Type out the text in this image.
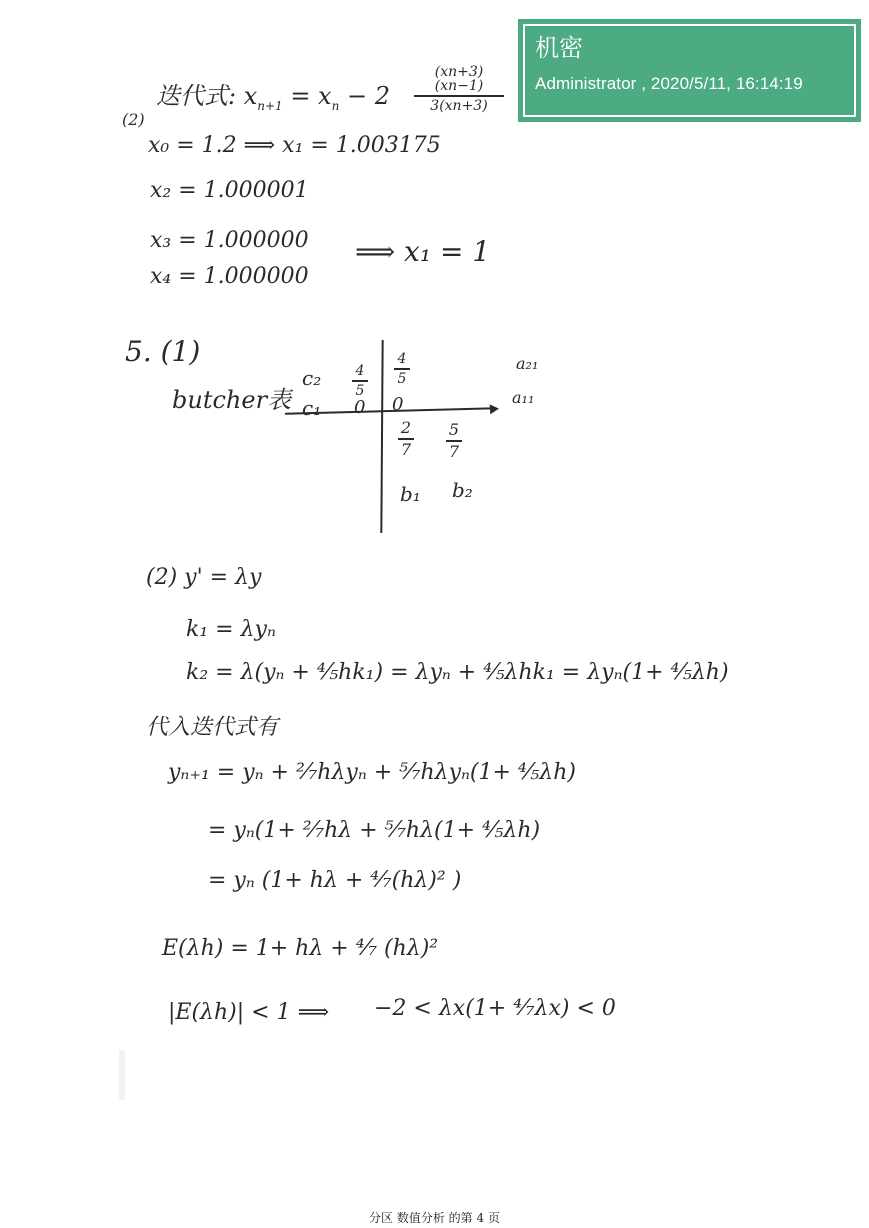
迭代式: $x_{n+1} = x_n - 2$
(xn+3)(xn−1)
3(xn+3)
(2)
x₀ = 1.2 ⟹ x₁ = 1.003175
x₂ = 1.000001
x₃ = 1.000000
x₄ = 1.000000
⟹ x₁ = 1
5. (1)
butcher表
c₂
c₁
4
5
0
4
5
0
a₂₁
a₁₁
2
7
5
7
b₁ b₂
(2) y' = λy
k₁ = λyₙ
k₂ = λ(yₙ + ⅘hk₁) = λyₙ + ⅘λhk₁ = λyₙ(1+ ⅘λh)
代入迭代式有
yₙ₊₁ = yₙ + ²⁄₇hλyₙ + ⁵⁄₇hλyₙ(1+ ⅘λh)
= yₙ(1+ ²⁄₇hλ + ⁵⁄₇hλ(1+ ⅘λh)
= yₙ (1+ hλ + ⁴⁄₇(hλ)² )
E(λh) = 1+ hλ + ⁴⁄₇ (hλ)²
|E(λh)| < 1 ⟹ −2 < λx(1+ ⁴⁄₇λx) < 0
机密
Administrator , 2020/5/11, 16:14:19
分区 数值分析 的第 4 页
